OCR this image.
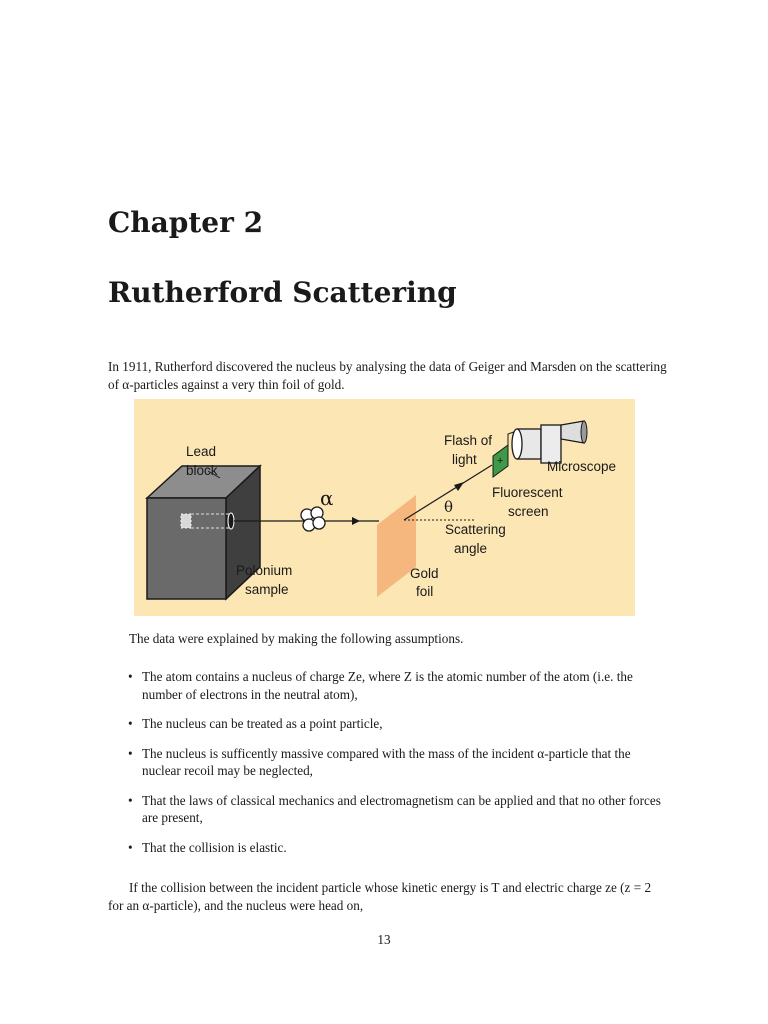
Chapter 2
Rutherford Scattering

In 1911, Rutherford discovered the nucleus by analysing the data of Geiger and Marsden on the scattering of α-particles against a very thin foil of gold.

+
Lead
block
α
Polonium
sample
Gold
foil
Flash of
light	Microscope
Fluorescent
screen
θ
Scattering
angle

The data were explained by making the following assumptions.

• The atom contains a nucleus of charge Ze, where Z is the atomic number of the atom (i.e. the number of electrons in the neutral atom),
• The nucleus can be treated as a point particle,
• The nucleus is sufficently massive compared with the mass of the incident α-particle that the nuclear recoil may be neglected,
• That the laws of classical mechanics and electromagnetism can be applied and that no other forces are present,
• That the collision is elastic.

If the collision between the incident particle whose kinetic energy is T and electric charge ze (z = 2 for an α-particle), and the nucleus were head on,

13
